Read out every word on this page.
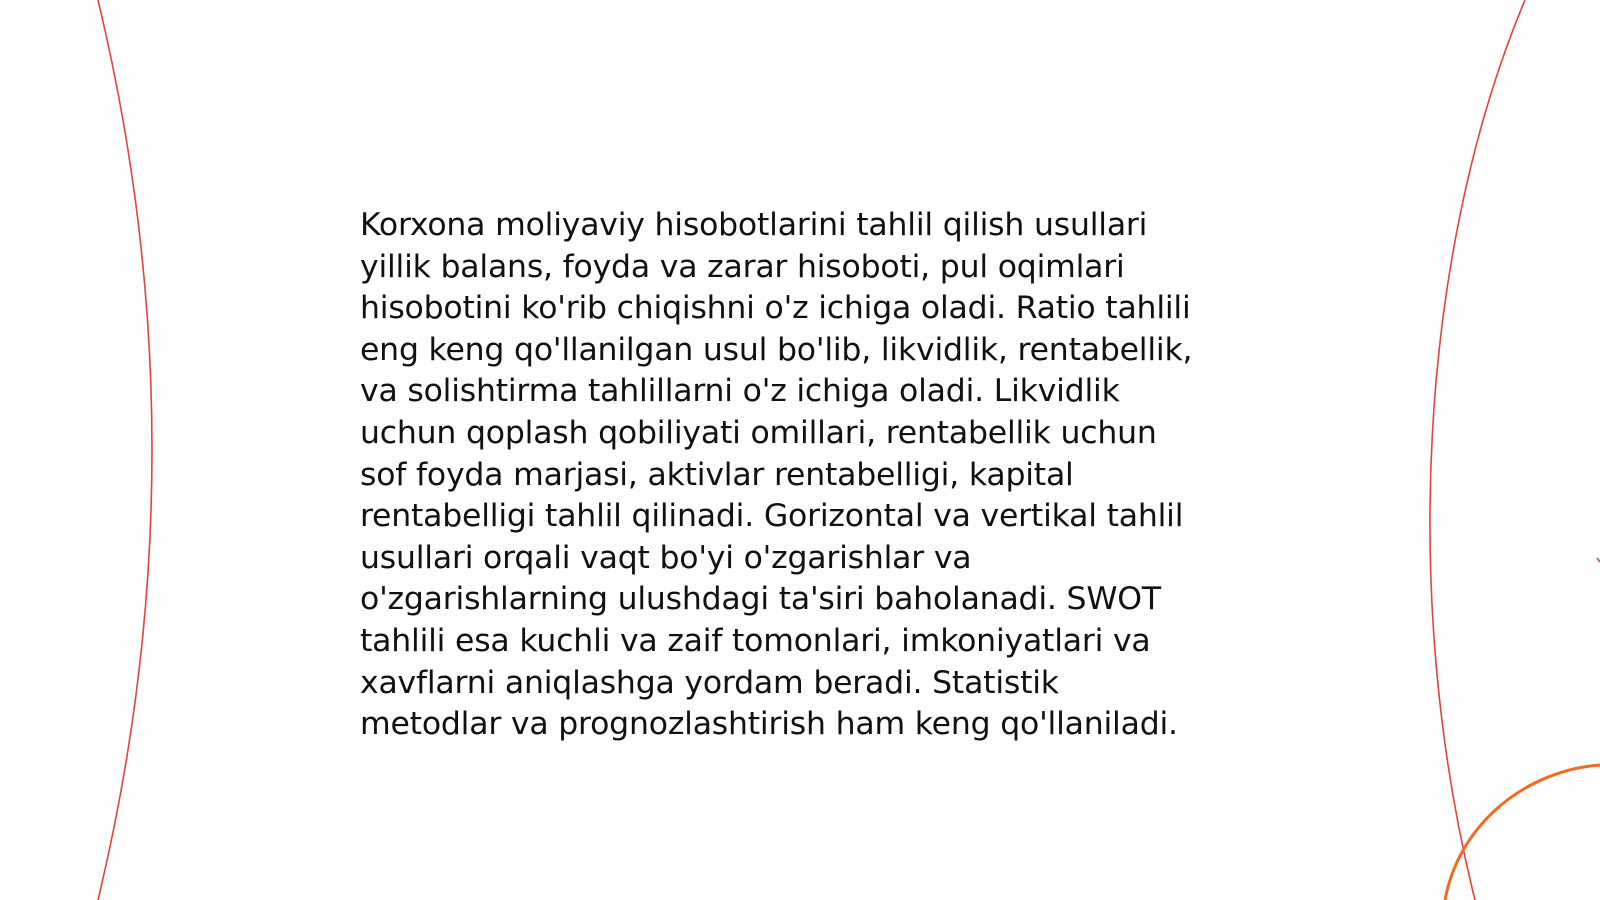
Korxona moliyaviy hisobotlarini tahlil qilish usullari
yillik balans, foyda va zarar hisoboti, pul oqimlari
hisobotini ko'rib chiqishni o'z ichiga oladi. Ratio tahlili
eng keng qo'llanilgan usul bo'lib, likvidlik, rentabellik,
va solishtirma tahlillarni o'z ichiga oladi. Likvidlik
uchun qoplash qobiliyati omillari, rentabellik uchun
sof foyda marjasi, aktivlar rentabelligi, kapital
rentabelligi tahlil qilinadi. Gorizontal va vertikal tahlil
usullari orqali vaqt bo'yi o'zgarishlar va
o'zgarishlarning ulushdagi ta'siri baholanadi. SWOT
tahlili esa kuchli va zaif tomonlari, imkoniyatlari va
xavflarni aniqlashga yordam beradi. Statistik
metodlar va prognozlashtirish ham keng qo'llaniladi.
